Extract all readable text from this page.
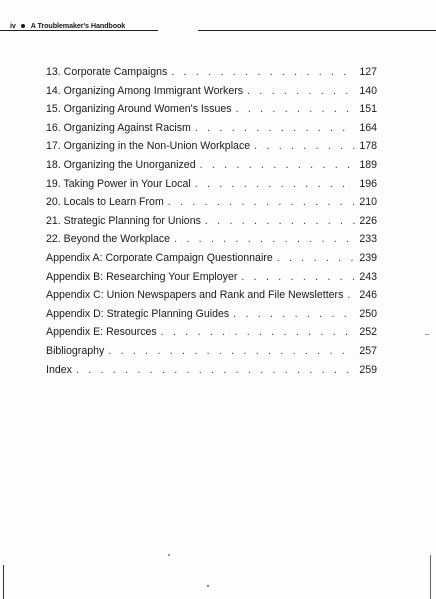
iv A Troublemaker's Handbook
13. Corporate Campaigns . . .	127
14. Organizing Among Immigrant Workers . . .	140
15. Organizing Around Women's Issues . . .	151
16. Organizing Against Racism . . .	164
17. Organizing in the Non-Union Workplace . . .	178
18. Organizing the Unorganized . . .	189
19. Taking Power in Your Local . . .	196
20. Locals to Learn From . . .	210
21. Strategic Planning for Unions . . .	226
22. Beyond the Workplace . . .	233
Appendix A: Corporate Campaign Questionnaire . . .	239
Appendix B: Researching Your Employer . . .	243
Appendix C: Union Newspapers and Rank and File Newsletters . . . 246
Appendix D: Strategic Planning Guides . . .	250
Appendix E: Resources . . .	252
Bibliography . . .	257
Index . . .	259
